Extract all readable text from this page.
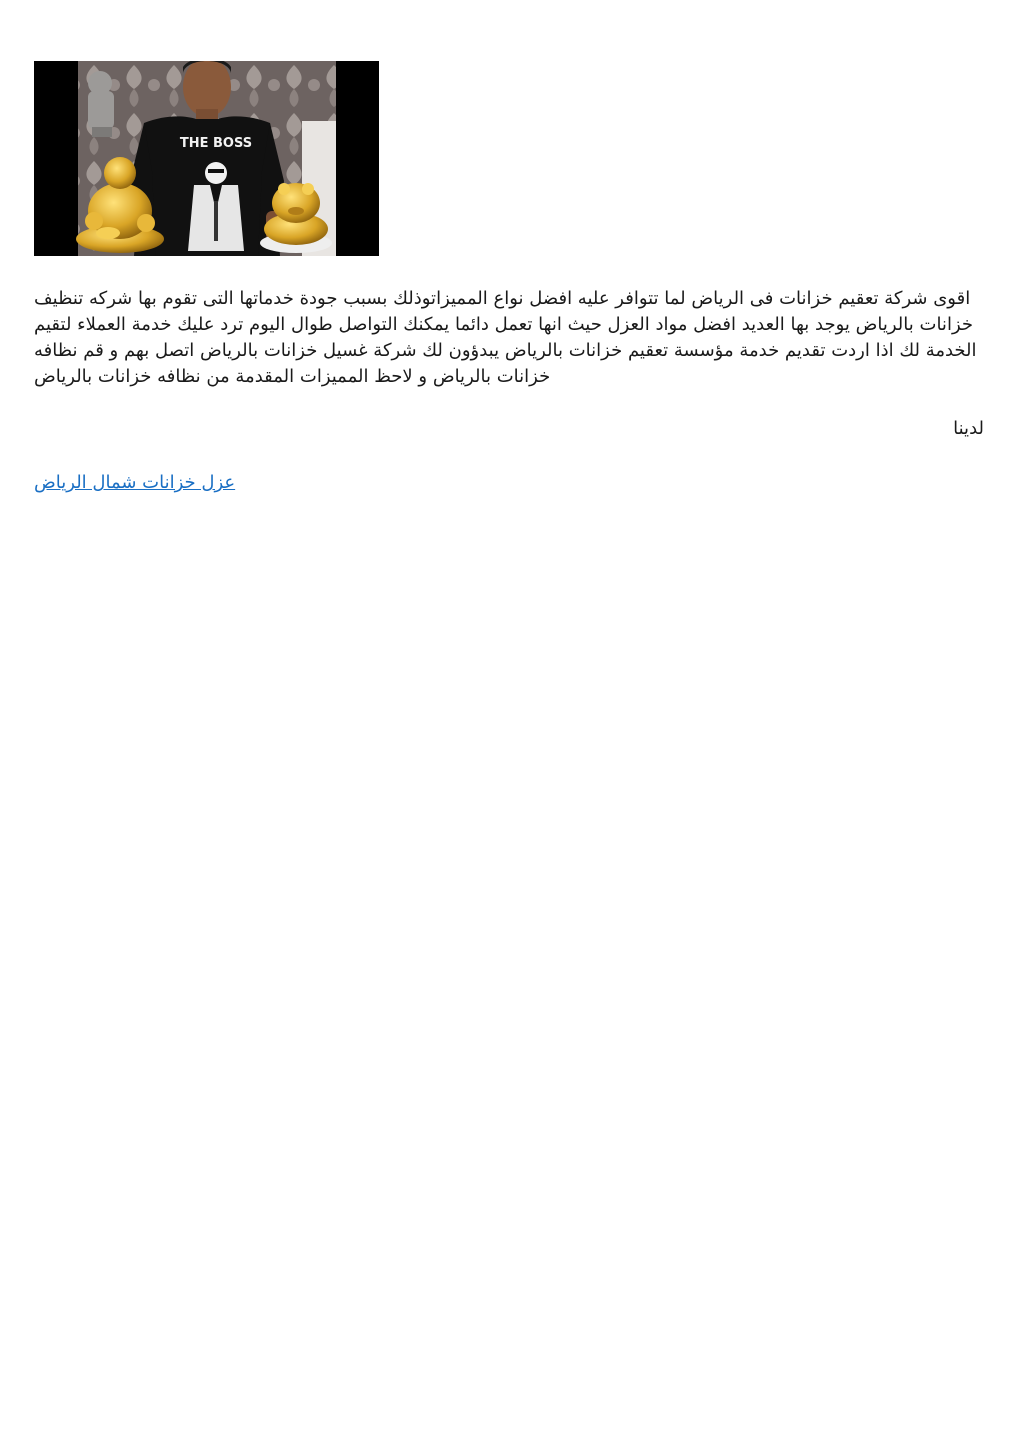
THE BOSS

اقوى شركة تعقيم خزانات فى الرياض لما تتوافر عليه افضل نواع المميزاتوذلك بسبب جودة خدماتها التى تقوم بها شركه تنظيف خزانات بالرياض يوجد بها العديد افضل مواد العزل حيث انها تعمل دائما يمكنك التواصل طوال اليوم ترد عليك خدمة العملاء لتقيم الخدمة لك اذا اردت تقديم خدمة مؤسسة تعقيم خزانات بالرياض يبدؤون لك شركة غسيل خزانات بالرياض اتصل بهم و قم نظافه خزانات بالرياض و لاحظ المميزات المقدمة من نظافه خزانات بالرياض

لدينا

عزل خزانات شمال الرياض
